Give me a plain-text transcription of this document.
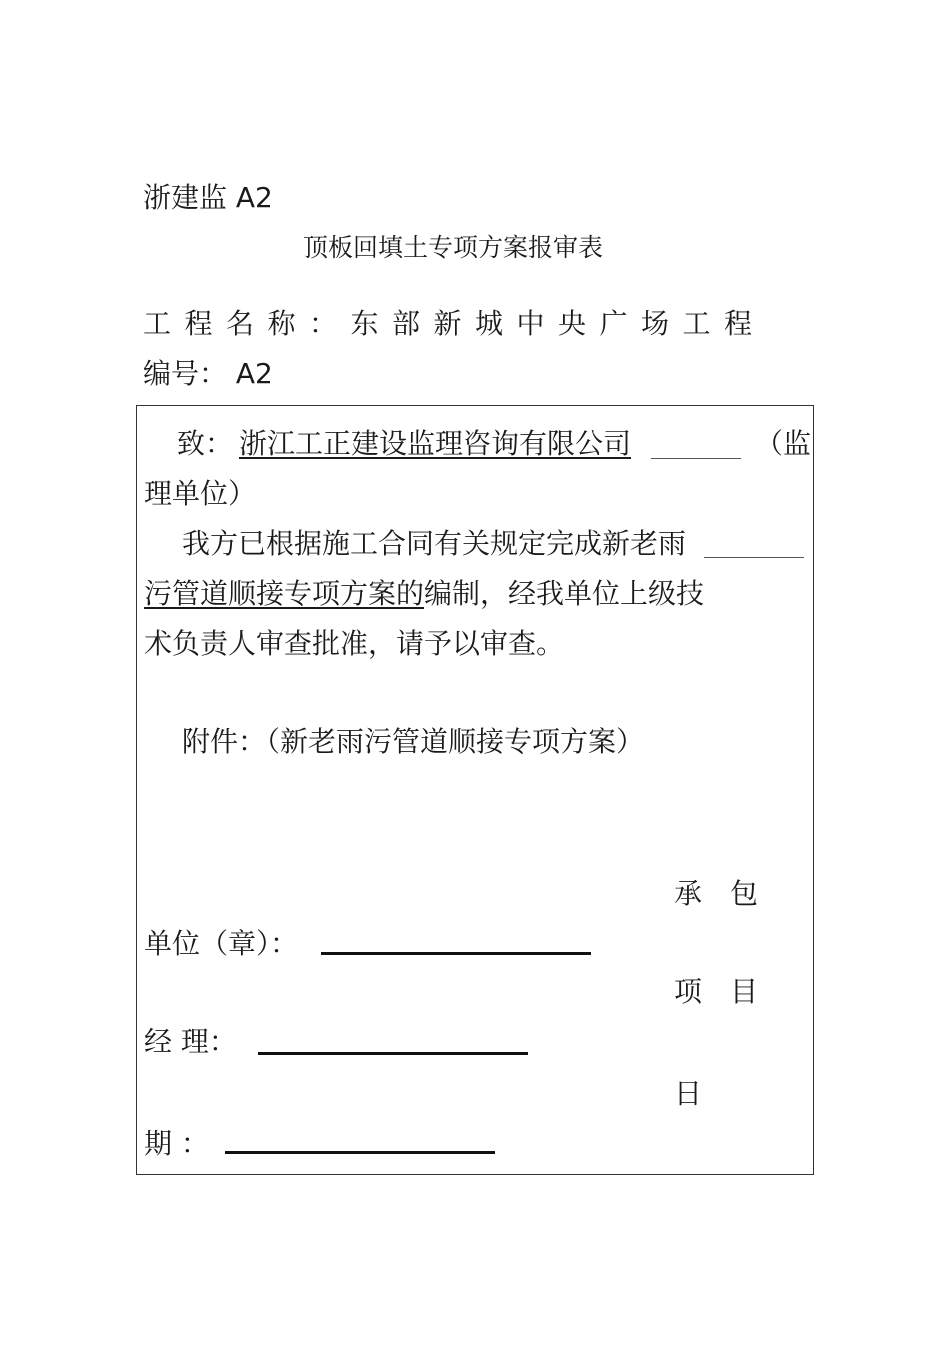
浙建监 A2
顶板回填土专项方案报审表
工程名称：东部新城中央广场工程
编号： A2
致： 浙江工正建设监理咨询有限公司	（监
理单位）
我方已根据施工合同有关规定完成新老雨
污管道顺接专项方案的编制，经我单位上级技
术负责人审查批准，请予以审查。
附件：（新老雨污管道顺接专项方案）
承　包
单位（章）：
项　目
经 理：
日
期 ：
